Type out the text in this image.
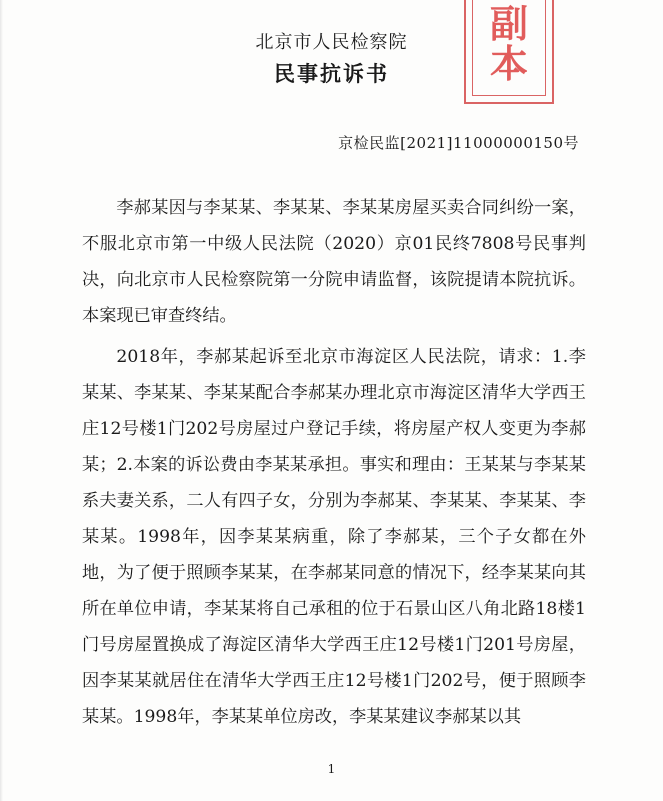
副
本
北京市人民检察院
民事抗诉书
京检民监[2021]11000000150号

李郝某因与李某某、李某某、李某某房屋买卖合同纠纷一案，不服北京市第一中级人民法院（2020）京01民终7808号民事判决，向北京市人民检察院第一分院申请监督，该院提请本院抗诉。本案现已审查终结。

2018年，李郝某起诉至北京市海淀区人民法院，请求：1.李某某、李某某、李某某配合李郝某办理北京市海淀区清华大学西王庄12号楼1门202号房屋过户登记手续，将房屋产权人变更为李郝某；2.本案的诉讼费由李某某承担。事实和理由：王某某与李某某系夫妻关系，二人有四子女，分别为李郝某、李某某、李某某、李某某。1998年，因李某某病重，除了李郝某，三个子女都在外地，为了便于照顾李某某，在李郝某同意的情况下，经李某某向其所在单位申请，李某某将自己承租的位于石景山区八角北路18楼1门号房屋置换成了海淀区清华大学西王庄12号楼1门201号房屋，因李某某就居住在清华大学西王庄12号楼1门202号，便于照顾李某某。1998年，李某某单位房改，李某某建议李郝某以其

1
